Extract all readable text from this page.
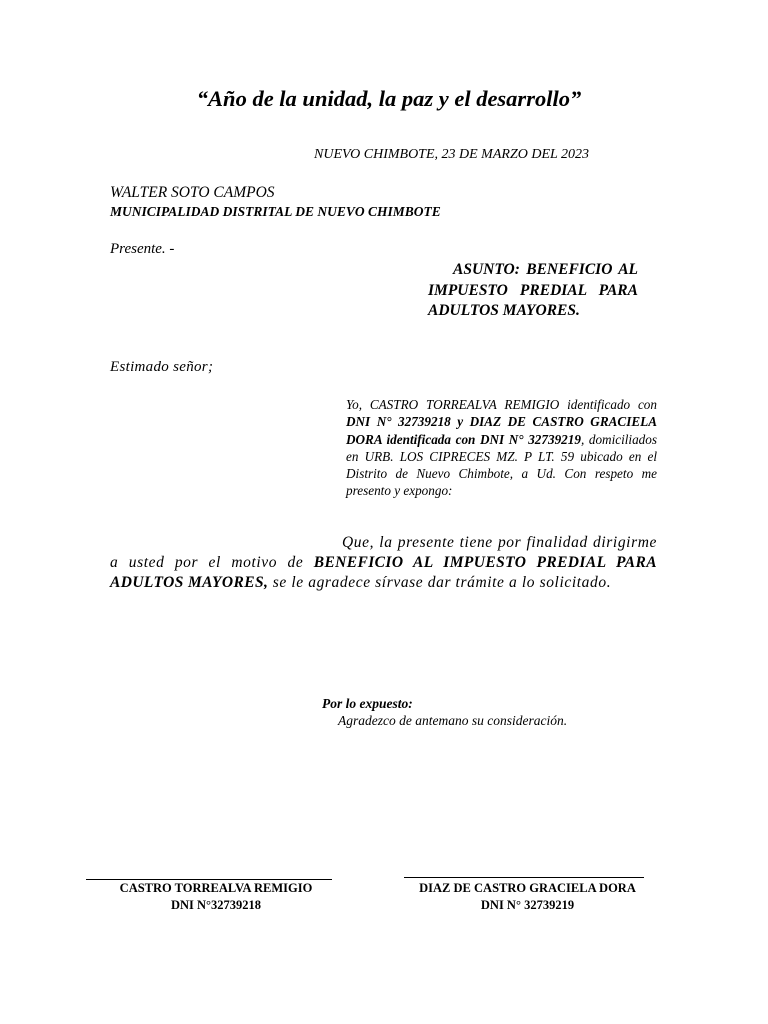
“Año de la unidad, la paz y el desarrollo”
NUEVO CHIMBOTE, 23 DE MARZO DEL 2023
WALTER SOTO CAMPOS
MUNICIPALIDAD DISTRITAL DE NUEVO CHIMBOTE
Presente. -
ASUNTO: BENEFICIO AL IMPUESTO PREDIAL PARA ADULTOS MAYORES.
Estimado señor;
Yo, CASTRO TORREALVA REMIGIO identificado con DNI N° 32739218 y DIAZ DE CASTRO GRACIELA DORA identificada con DNI N° 32739219, domiciliados en URB. LOS CIPRECES MZ. P LT. 59 ubicado en el Distrito de Nuevo Chimbote, a Ud. Con respeto me presento y expongo:
Que, la presente tiene por finalidad dirigirme a usted por el motivo de BENEFICIO AL IMPUESTO PREDIAL PARA ADULTOS MAYORES, se le agradece sírvase dar trámite a lo solicitado.
Por lo expuesto:
Agradezco de antemano su consideración.
CASTRO TORREALVA REMIGIO
DNI N°32739218
DIAZ DE CASTRO GRACIELA DORA
DNI N° 32739219
